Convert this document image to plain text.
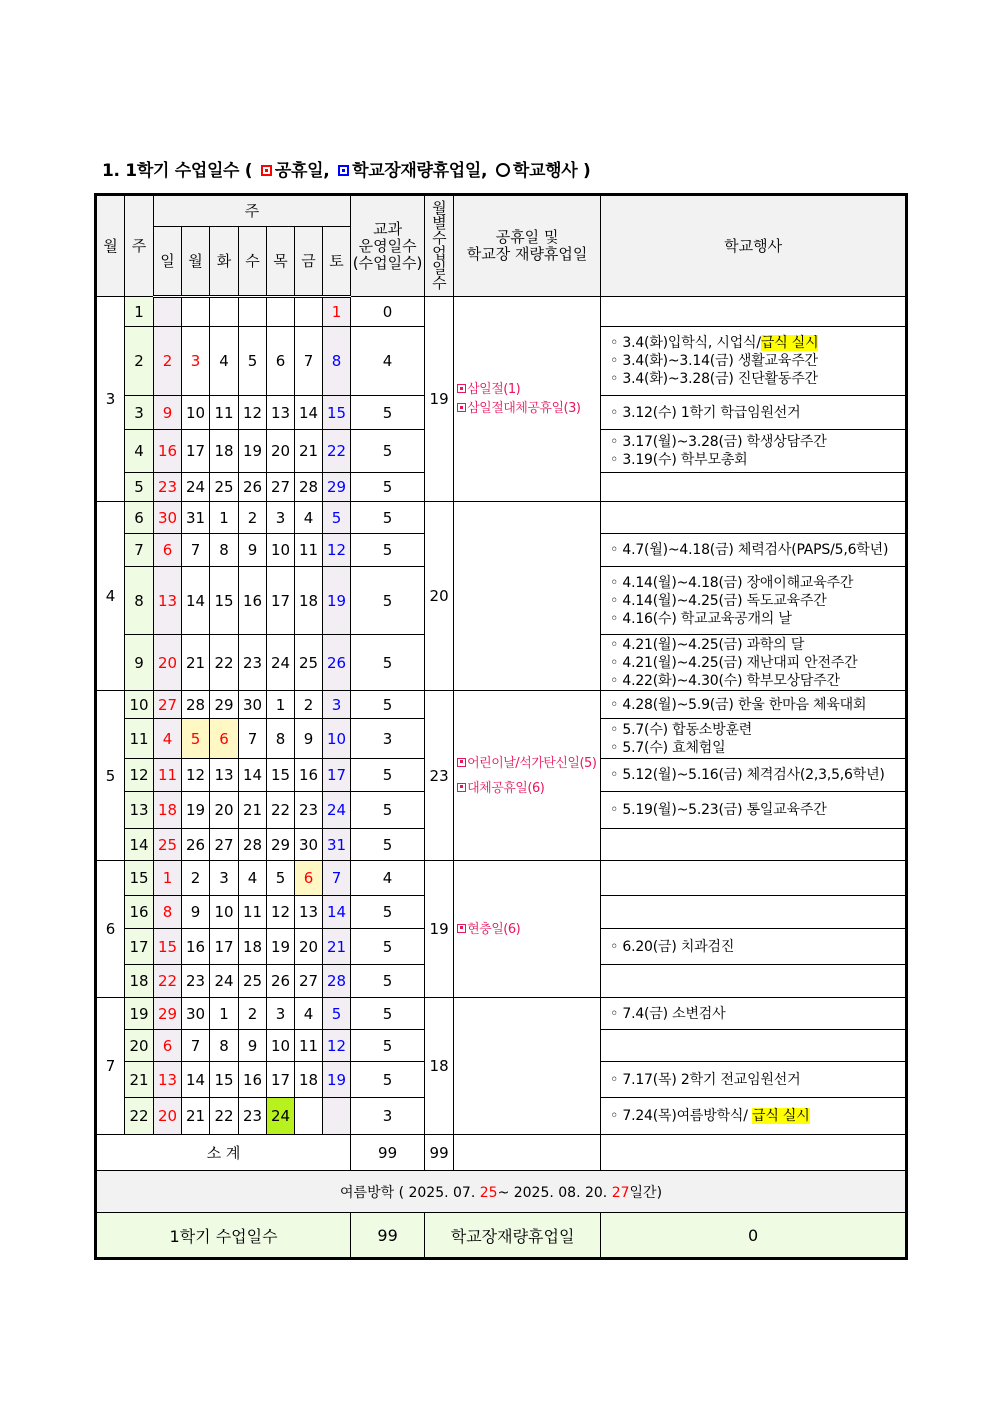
1. 1학기 수업일수 ( 공휴일, 학교장재량휴업일, 학교행사 )
월	주	주	
교과
운영일수
(수업일수)

월별수업일수

공휴일 및
학교장 재량휴업일	학교행사
		일	월	화	수	목	금	토				
3	1							1	0	19	삼일절(1)
삼일절대체공휴일(3)	

	2	2	3	4	5	6	7	8	4			◦ 3.4(화)입학식, 시업식/급식 실시
◦ 3.4(화)~3.14(금) 생활교육주간
◦ 3.4(화)~3.28(금) 진단활동주간

	3	9	10	11	12	13	14	15	5			◦ 3.12(수) 1학기 학급임원선거

	4	16	17	18	19	20	21	22	5			◦ 3.17(월)~3.28(금) 학생상담주간
◦ 3.19(수) 학부모총회

	5	23	24	25	26	27	28	29	5			
4	6	30	31	1	2	3	4	5	5	20		
	7	6	7	8	9	10	11	12	5			◦ 4.7(월)~4.18(금) 체력검사(PAPS/5,6학년)

	8	13	14	15	16	17	18	19	5			◦ 4.14(월)~4.18(금) 장애이해교육주간
◦ 4.14(월)~4.25(금) 독도교육주간
◦ 4.16(수) 학교교육공개의 날

	9	20	21	22	23	24	25	26	5			◦ 4.21(월)~4.25(금) 과학의 달
◦ 4.21(월)~4.25(금) 재난대피 안전주간
◦ 4.22(화)~4.30(수) 학부모상담주간

5	10	27	28	29	30	1	2	3	5	23	어린이날/석가탄신일(5)
대체공휴일(6)	◦ 4.28(월)~5.9(금) 한울 한마음 체육대회

	11	4	5	6	7	8	9	10	3			◦ 5.7(수) 합동소방훈련
◦ 5.7(수) 효체험일

	12	11	12	13	14	15	16	17	5			◦ 5.12(월)~5.16(금) 체격검사(2,3,5,6학년)

	13	18	19	20	21	22	23	24	5			◦ 5.19(월)~5.23(금) 통일교육주간

	14	25	26	27	28	29	30	31	5			
6	15	1	2	3	4	5	6	7	4	19	현충일(6)	

	16	8	9	10	11	12	13	14	5			
	17	15	16	17	18	19	20	21	5			◦ 6.20(금) 치과검진

	18	22	23	24	25	26	27	28	5			
7	19	29	30	1	2	3	4	5	5	18		◦ 7.4(금) 소변검사

	20	6	7	8	9	10	11	12	5			
	21	13	14	15	16	17	18	19	5			◦ 7.17(목) 2학기 전교임원선거

	22	20	21	22	23	24			3			◦ 7.24(목)여름방학식/ 급식 실시

소 계									99	99		
여름방학 ( 2025. 07. 25~ 2025. 08. 20. 27일간)												
1학기 수업일수									99	학교장재량휴업일		0
